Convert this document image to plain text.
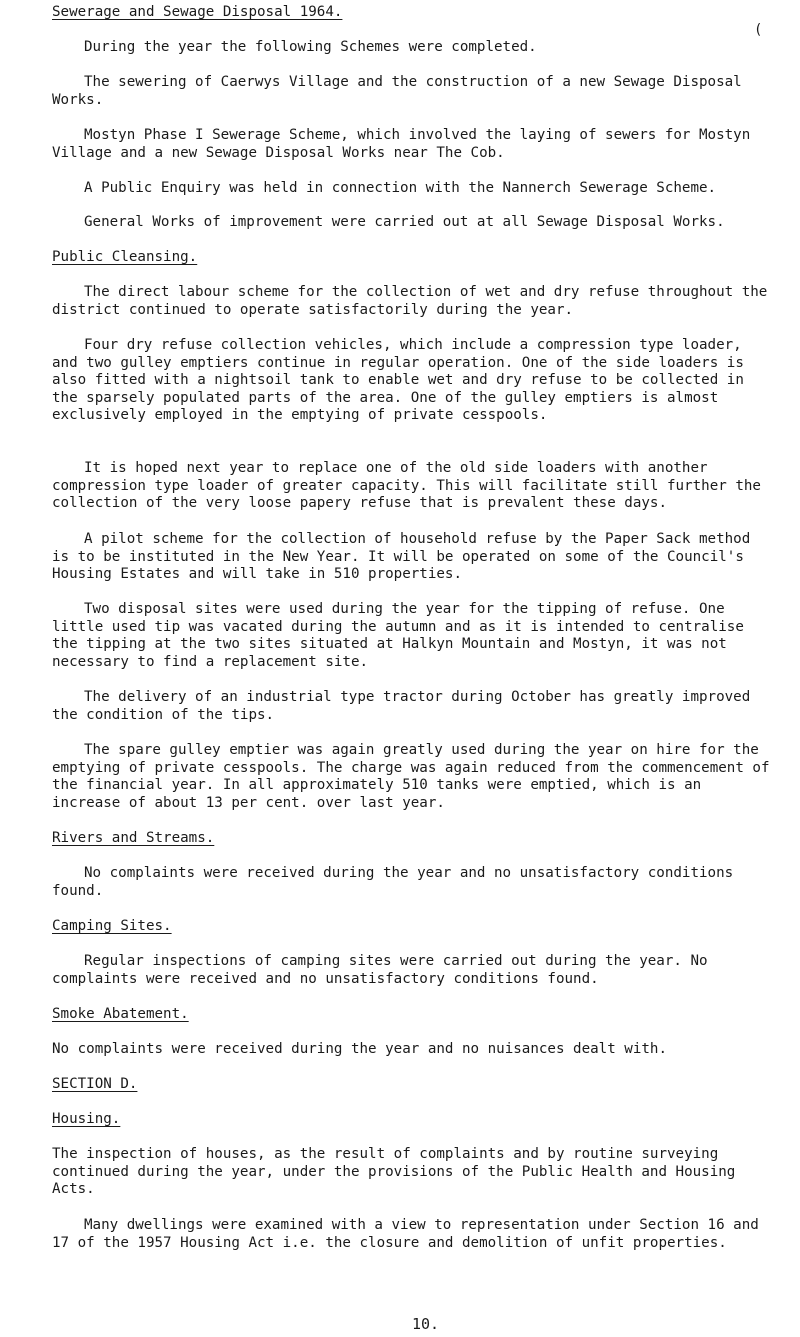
Sewerage and Sewage Disposal 1964.

(

During the year the following Schemes were completed.

The sewering of Caerwys Village and the construction of a new Sewage Disposal Works.

Mostyn Phase I Sewerage Scheme, which involved the laying of sewers for Mostyn Village and a new Sewage Disposal Works near The Cob.

A Public Enquiry was held in connection with the Nannerch Sewerage Scheme.

General Works of improvement were carried out at all Sewage Disposal Works.

Public Cleansing.

The direct labour scheme for the collection of wet and dry refuse throughout the district continued to operate satisfactorily during the year.

Four dry refuse collection vehicles, which include a compression type loader, and two gulley emptiers continue in regular operation. One of the side loaders is also fitted with a nightsoil tank to enable wet and dry refuse to be collected in the sparsely populated parts of the area. One of the gulley emptiers is almost exclusively employed in the emptying of private cesspools.

It is hoped next year to replace one of the old side loaders with another compression type loader of greater capacity. This will facilitate still further the collection of the very loose papery refuse that is prevalent these days.

A pilot scheme for the collection of household refuse by the Paper Sack method is to be instituted in the New Year. It will be operated on some of the Council's Housing Estates and will take in 510 properties.

Two disposal sites were used during the year for the tipping of refuse. One little used tip was vacated during the autumn and as it is intended to centralise the tipping at the two sites situated at Halkyn Mountain and Mostyn, it was not necessary to find a replacement site.

The delivery of an industrial type tractor during October has greatly improved the condition of the tips.

The spare gulley emptier was again greatly used during the year on hire for the emptying of private cesspools. The charge was again reduced from the commencement of the financial year. In all approximately 510 tanks were emptied, which is an increase of about 13 per cent. over last year.

Rivers and Streams.

No complaints were received during the year and no unsatisfactory conditions found.

Camping Sites.

Regular inspections of camping sites were carried out during the year. No complaints were received and no unsatisfactory conditions found.

Smoke Abatement.

No complaints were received during the year and no nuisances dealt with.

SECTION D.

Housing.

The inspection of houses, as the result of complaints and by routine surveying continued during the year, under the provisions of the Public Health and Housing Acts.

Many dwellings were examined with a view to representation under Section 16 and 17 of the 1957 Housing Act i.e. the closure and demolition of unfit properties.

10.
